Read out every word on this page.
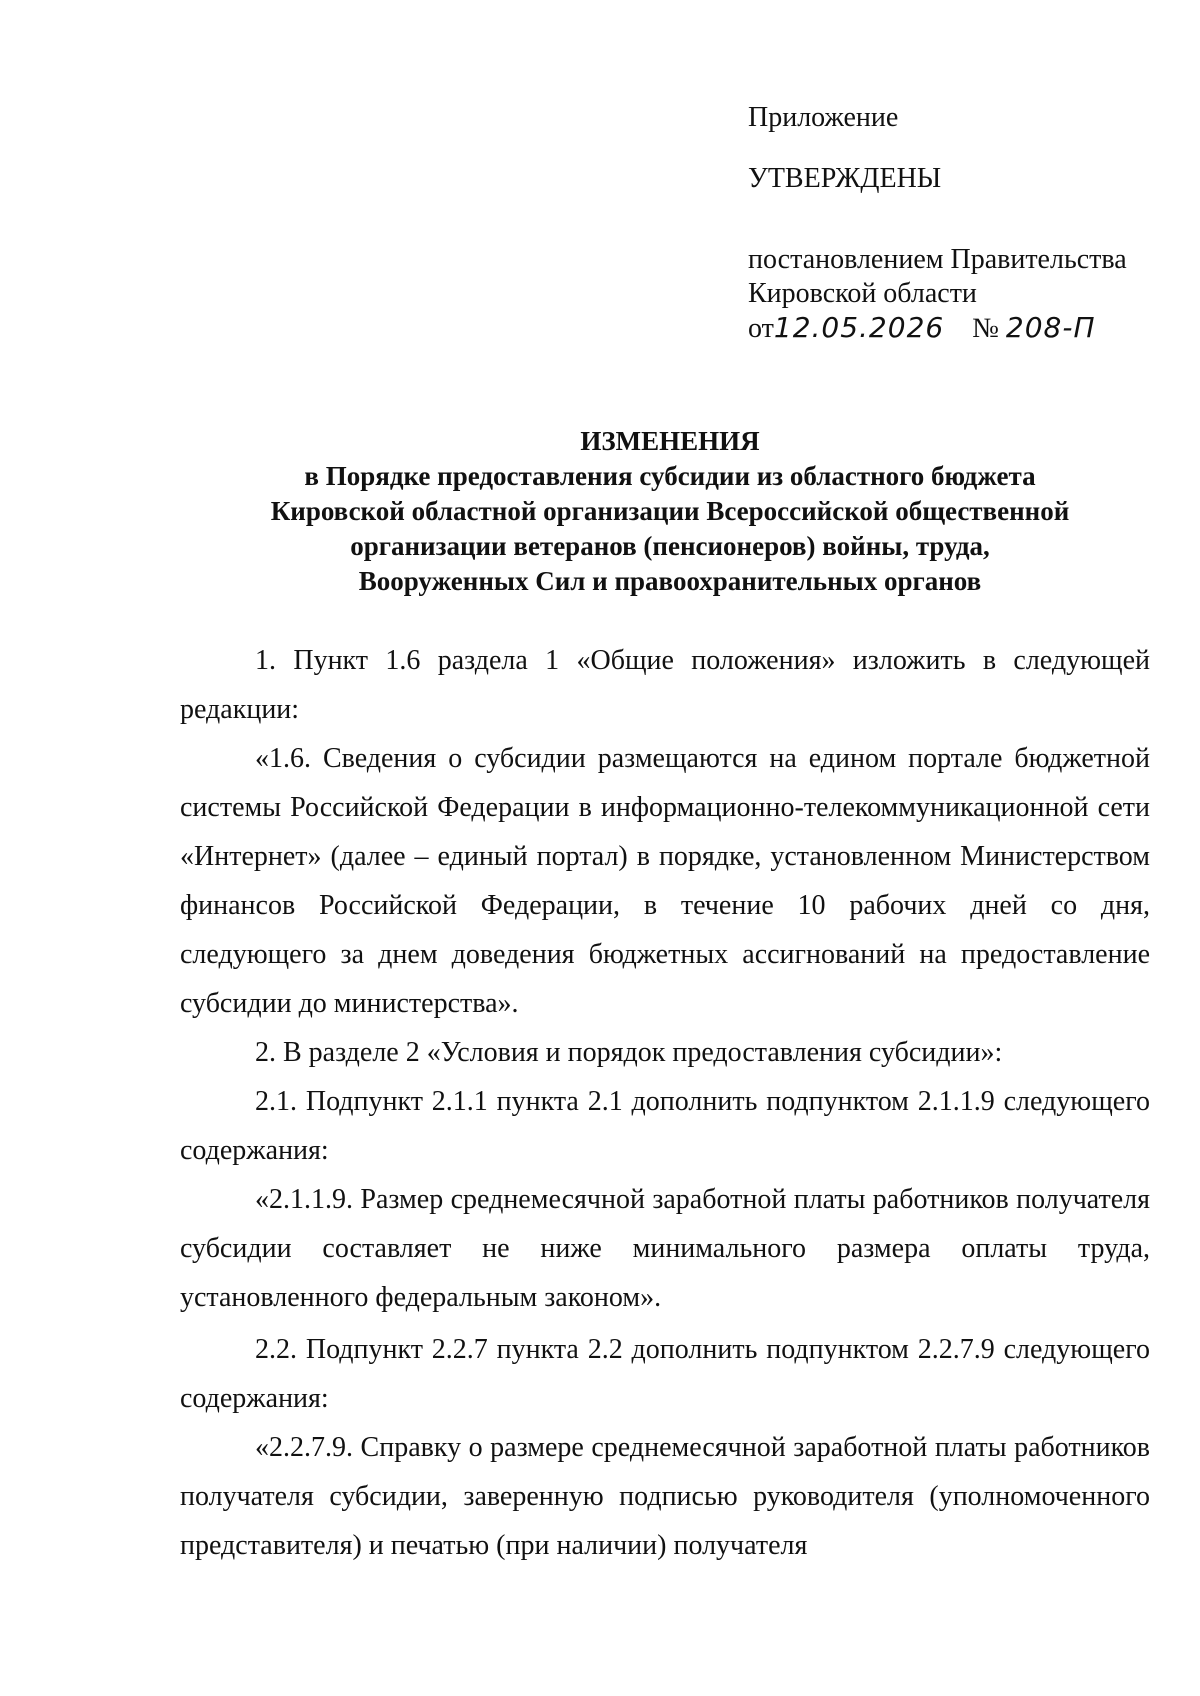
Приложение
УТВЕРЖДЕНЫ
постановлением Правительства
Кировской области
от12.05.2026 № 208-П
ИЗМЕНЕНИЯ
в Порядке предоставления субсидии из областного бюджета
Кировской областной организации Всероссийской общественной
организации ветеранов (пенсионеров) войны, труда,
Вооруженных Сил и правоохранительных органов

1. Пункт 1.6 раздела 1 «Общие положения» изложить в следующей редакции:

«1.6. Сведения о субсидии размещаются на едином портале бюджетной системы Российской Федерации в информационно-телекоммуникационной сети «Интернет» (далее – единый портал) в порядке, установленном Министерством финансов Российской Федерации, в течение 10 рабочих дней со дня, следующего за днем доведения бюджетных ассигнований на предоставление субсидии до министерства».

2. В разделе 2 «Условия и порядок предоставления субсидии»:

2.1. Подпункт 2.1.1 пункта 2.1 дополнить подпунктом 2.1.1.9 следующего содержания:

«2.1.1.9. Размер среднемесячной заработной платы работников получателя субсидии составляет не ниже минимального размера оплаты труда, установленного федеральным законом».

2.2. Подпункт 2.2.7 пункта 2.2 дополнить подпунктом 2.2.7.9 следующего содержания:

«2.2.7.9. Справку о размере среднемесячной заработной платы работников получателя субсидии, заверенную подписью руководителя (уполномоченного представителя) и печатью (при наличии) получателя
